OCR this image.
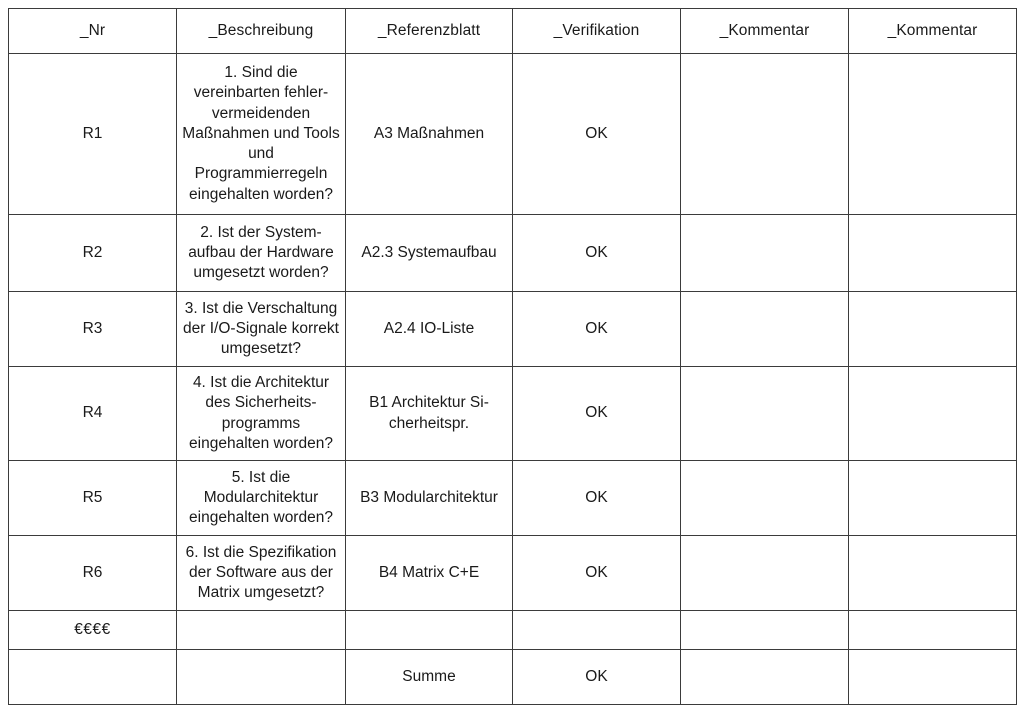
_Nr	_Beschreibung	_Referenzblatt	_Verifikation	_Kommentar	_Kommentar
R1	1. Sind die vereinbarten fehler-vermeidenden Maßnahmen und Tools und Programmierregeln eingehalten worden?	A3 Maßnahmen	OK		
R2	2. Ist der System-aufbau der Hardware umgesetzt worden?	A2.3 Systemaufbau	OK		
R3	3. Ist die Verschaltung der I/O-Signale korrekt umgesetzt?	A2.4 IO-Liste	OK		
R4	4. Ist die Architektur des Sicherheits-programms eingehalten worden?	B1 Architektur Si-cherheitspr.	OK		
R5	5. Ist die Modularchitektur eingehalten worden?	B3 Modularchitektur	OK		
R6	6. Ist die Spezifikation der Software aus der Matrix umgesetzt?	B4 Matrix C+E	OK		
€€€€					
		Summe	OK		
